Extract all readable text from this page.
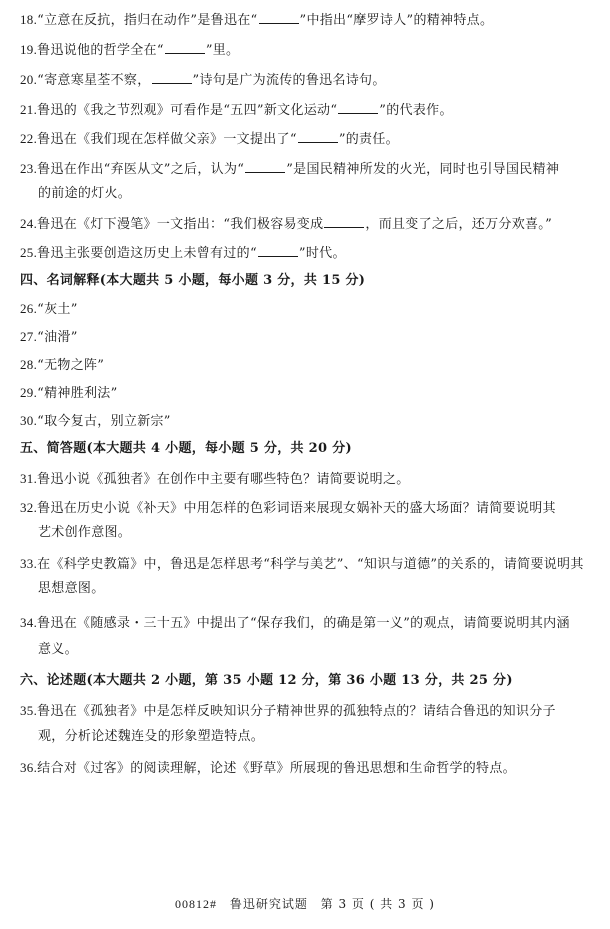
18.“立意在反抗，指归在动作”是鲁迅在“	”中指出“摩罗诗人”的精神特点。
19.鲁迅说他的哲学全在“	”里。
20.“寄意寒星荃不察，	”诗句是广为流传的鲁迅名诗句。
21.鲁迅的《我之节烈观》可看作是“五四”新文化运动“	”的代表作。
22.鲁迅在《我们现在怎样做父亲》一文提出了“	”的责任。
23.鲁迅在作出“弃医从文”之后，认为“	”是国民精神所发的火光，同时也引导国民精神
的前途的灯火。
24.鲁迅在《灯下漫笔》一文指出：“我们极容易变成	，而且变了之后，还万分欢喜。”
25.鲁迅主张要创造这历史上未曾有过的“	”时代。
四、名词解释(本大题共 5 小题，每小题 3 分，共 15 分)
26.“灰土”
27.“油滑”
28.“无物之阵”
29.“精神胜利法”
30.“取今复古，别立新宗”
五、简答题(本大题共 4 小题，每小题 5 分，共 20 分)
31.鲁迅小说《孤独者》在创作中主要有哪些特色？请简要说明之。
32.鲁迅在历史小说《补天》中用怎样的色彩词语来展现女娲补天的盛大场面？请简要说明其
艺术创作意图。
33.在《科学史教篇》中，鲁迅是怎样思考“科学与美艺”、“知识与道德”的关系的，请简要说明其
思想意图。
34.鲁迅在《随感录・三十五》中提出了“保存我们，的确是第一义”的观点，请简要说明其内涵
意义。
六、论述题(本大题共 2 小题，第 35 小题 12 分，第 36 小题 13 分，共 25 分)
35.鲁迅在《孤独者》中是怎样反映知识分子精神世界的孤独特点的？请结合鲁迅的知识分子
观，分析论述魏连殳的形象塑造特点。
36.结合对《过客》的阅读理解，论述《野草》所展现的鲁迅思想和生命哲学的特点。
00812# 鲁迅研究试题 第 3 页 ( 共 3 页 )
